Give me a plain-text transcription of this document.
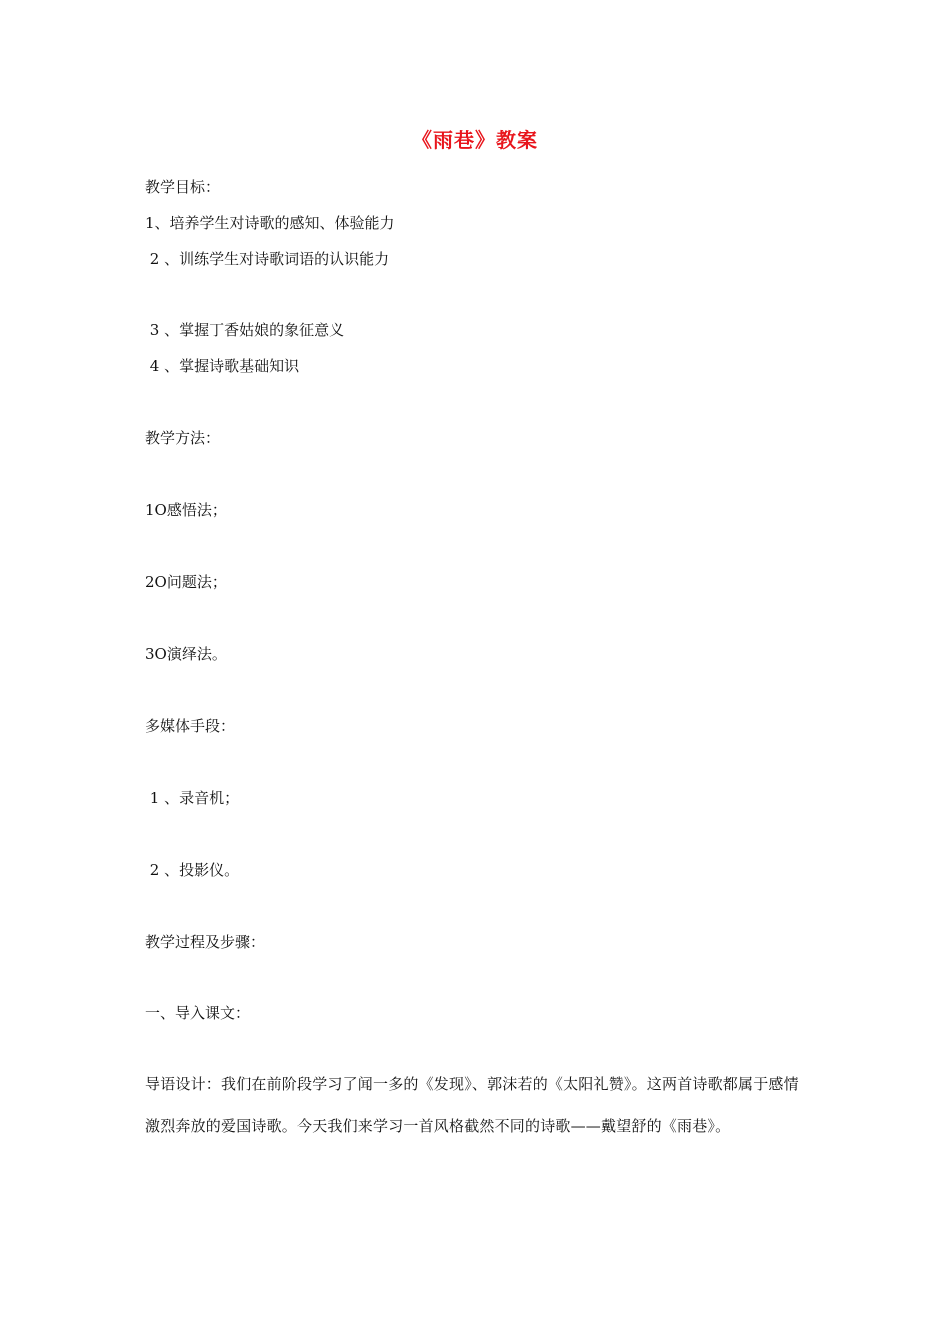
《雨巷》教案
教学目标：
1、培养学生对诗歌的感知、体验能力
2 、训练学生对诗歌词语的认识能力
3 、掌握丁香姑娘的象征意义
4 、掌握诗歌基础知识
教学方法：
1O感悟法；
2O问题法；
3O演绎法。
多媒体手段：
1 、录音机；
2 、投影仪。
教学过程及步骤：
一、导入课文：
导语设计：我们在前阶段学习了闻一多的《发现》、郭沫若的《太阳礼赞》。这两首诗歌都属于感情激烈奔放的爱国诗歌。今天我们来学习一首风格截然不同的诗歌——戴望舒的《雨巷》。
